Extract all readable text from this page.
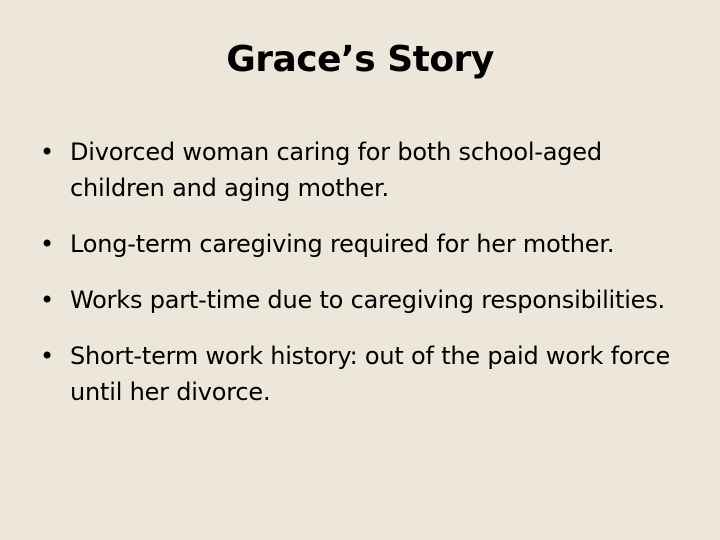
Grace’s Story
• Divorced woman caring for both school-aged children and aging mother.
• Long-term caregiving required for her mother.
• Works part-time due to caregiving responsibilities.
• Short-term work history: out of the paid work force until her divorce.
